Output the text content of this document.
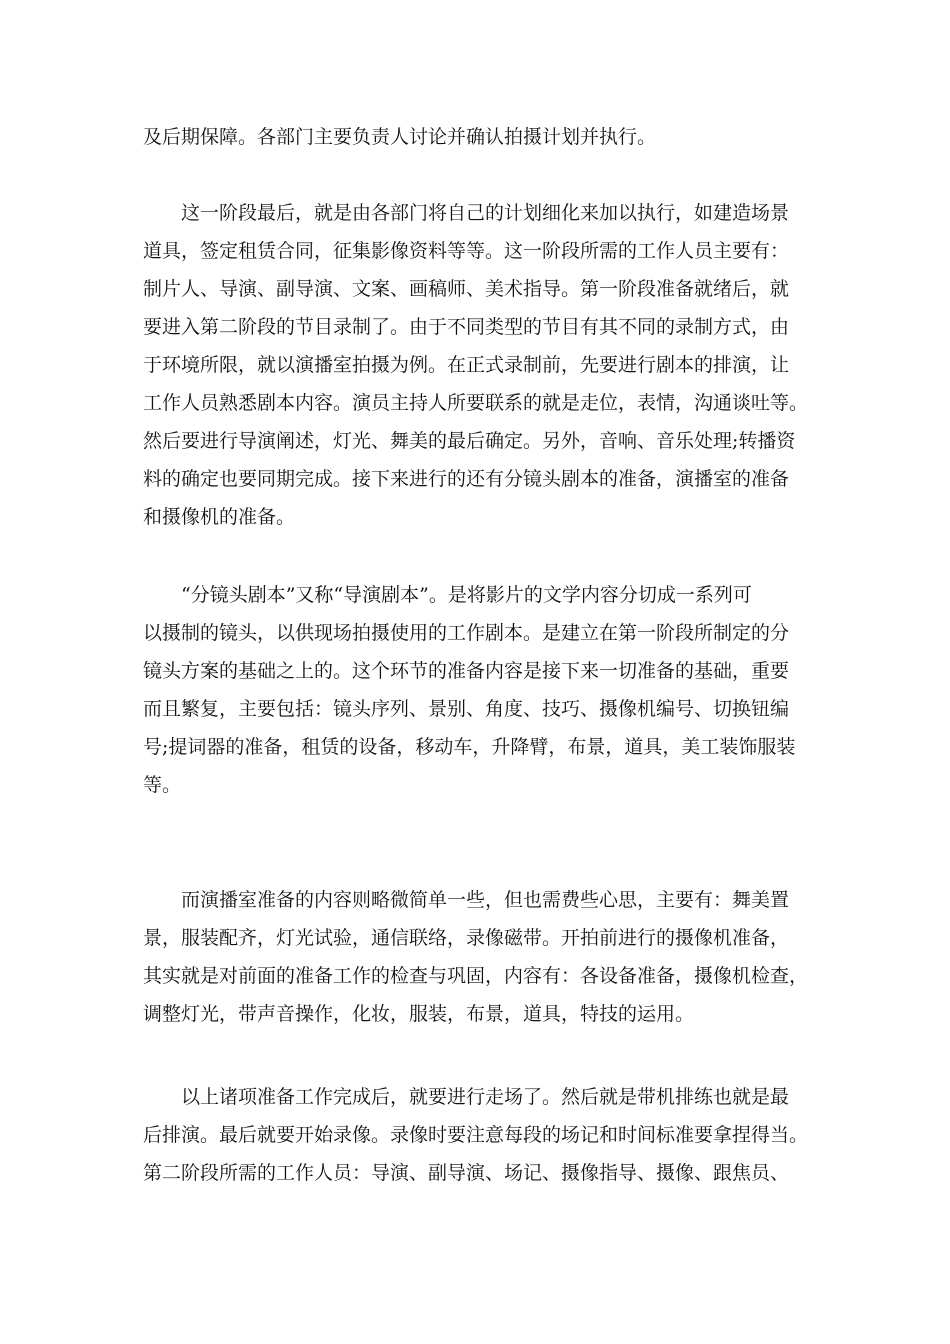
及后期保障。各部门主要负责人讨论并确认拍摄计划并执行。
这一阶段最后，就是由各部门将自己的计划细化来加以执行，如建造场景
道具，签定租赁合同，征集影像资料等等。这一阶段所需的工作人员主要有：
制片人、导演、副导演、文案、画稿师、美术指导。第一阶段准备就绪后，就
要进入第二阶段的节目录制了。由于不同类型的节目有其不同的录制方式，由
于环境所限，就以演播室拍摄为例。在正式录制前，先要进行剧本的排演，让
工作人员熟悉剧本内容。演员主持人所要联系的就是走位，表情，沟通谈吐等。
然后要进行导演阐述，灯光、舞美的最后确定。另外，音响、音乐处理;转播资
料的确定也要同期完成。接下来进行的还有分镜头剧本的准备，演播室的准备
和摄像机的准备。
“分镜头剧本”又称“导演剧本”。是将影片的文学内容分切成一系列可
以摄制的镜头，以供现场拍摄使用的工作剧本。是建立在第一阶段所制定的分
镜头方案的基础之上的。这个环节的准备内容是接下来一切准备的基础，重要
而且繁复，主要包括：镜头序列、景别、角度、技巧、摄像机编号、切换钮编
号;提词器的准备，租赁的设备，移动车，升降臂，布景，道具，美工装饰服装
等。
而演播室准备的内容则略微简单一些，但也需费些心思，主要有：舞美置
景，服装配齐，灯光试验，通信联络，录像磁带。开拍前进行的摄像机准备，
其实就是对前面的准备工作的检查与巩固，内容有：各设备准备，摄像机检查，
调整灯光，带声音操作，化妆，服装，布景，道具，特技的运用。
以上诸项准备工作完成后，就要进行走场了。然后就是带机排练也就是最
后排演。最后就要开始录像。录像时要注意每段的场记和时间标准要拿捏得当。
第二阶段所需的工作人员：导演、副导演、场记、摄像指导、摄像、跟焦员、
